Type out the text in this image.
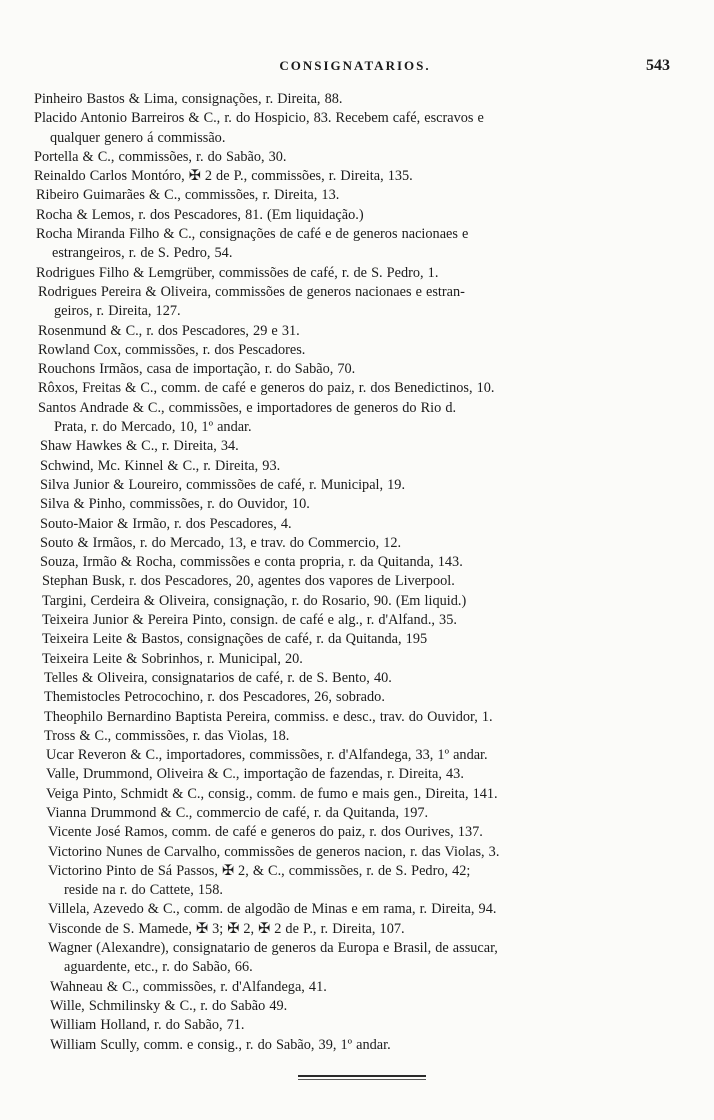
CONSIGNATARIOS.	543
Pinheiro Bastos & Lima, consignações, r. Direita, 88.
Placido Antonio Barreiros & C., r. do Hospicio, 83. Recebem café, escravos e
qualquer genero á commissão.
Portella & C., commissões, r. do Sabão, 30.
Reinaldo Carlos Montóro, ✠ 2 de P., commissões, r. Direita, 135.
Ribeiro Guimarães & C., commissões, r. Direita, 13.
Rocha & Lemos, r. dos Pescadores, 81. (Em liquidação.)
Rocha Miranda Filho & C., consignações de café e de generos nacionaes e
estrangeiros, r. de S. Pedro, 54.
Rodrigues Filho & Lemgrüber, commissões de café, r. de S. Pedro, 1.
Rodrigues Pereira & Oliveira, commissões de generos nacionaes e estran-
geiros, r. Direita, 127.
Rosenmund & C., r. dos Pescadores, 29 e 31.
Rowland Cox, commissões, r. dos Pescadores.
Rouchons Irmãos, casa de importação, r. do Sabão, 70.
Rôxos, Freitas & C., comm. de café e generos do paiz, r. dos Benedictinos, 10.
Santos Andrade & C., commissões, e importadores de generos do Rio d.
Prata, r. do Mercado, 10, 1º andar.
Shaw Hawkes & C., r. Direita, 34.
Schwind, Mc. Kinnel & C., r. Direita, 93.
Silva Junior & Loureiro, commissões de café, r. Municipal, 19.
Silva & Pinho, commissões, r. do Ouvidor, 10.
Souto-Maior & Irmão, r. dos Pescadores, 4.
Souto & Irmãos, r. do Mercado, 13, e trav. do Commercio, 12.
Souza, Irmão & Rocha, commissões e conta propria, r. da Quitanda, 143.
Stephan Busk, r. dos Pescadores, 20, agentes dos vapores de Liverpool.
Targini, Cerdeira & Oliveira, consignação, r. do Rosario, 90. (Em liquid.)
Teixeira Junior & Pereira Pinto, consign. de café e alg., r. d'Alfand., 35.
Teixeira Leite & Bastos, consignações de café, r. da Quitanda, 195
Teixeira Leite & Sobrinhos, r. Municipal, 20.
Telles & Oliveira, consignatarios de café, r. de S. Bento, 40.
Themistocles Petrocochino, r. dos Pescadores, 26, sobrado.
Theophilo Bernardino Baptista Pereira, commiss. e desc., trav. do Ouvidor, 1.
Tross & C., commissões, r. das Violas, 18.
Ucar Reveron & C., importadores, commissões, r. d'Alfandega, 33, 1º andar.
Valle, Drummond, Oliveira & C., importação de fazendas, r. Direita, 43.
Veiga Pinto, Schmidt & C., consig., comm. de fumo e mais gen., Direita, 141.
Vianna Drummond & C., commercio de café, r. da Quitanda, 197.
Vicente José Ramos, comm. de café e generos do paiz, r. dos Ourives, 137.
Victorino Nunes de Carvalho, commissões de generos nacion, r. das Violas, 3.
Victorino Pinto de Sá Passos, ✠ 2, & C., commissões, r. de S. Pedro, 42;
reside na r. do Cattete, 158.
Villela, Azevedo & C., comm. de algodão de Minas e em rama, r. Direita, 94.
Visconde de S. Mamede, ✠ 3; ✠ 2, ✠ 2 de P., r. Direita, 107.
Wagner (Alexandre), consignatario de generos da Europa e Brasil, de assucar,
aguardente, etc., r. do Sabão, 66.
Wahneau & C., commissões, r. d'Alfandega, 41.
Wille, Schmilinsky & C., r. do Sabão 49.
William Holland, r. do Sabão, 71.
William Scully, comm. e consig., r. do Sabão, 39, 1º andar.
